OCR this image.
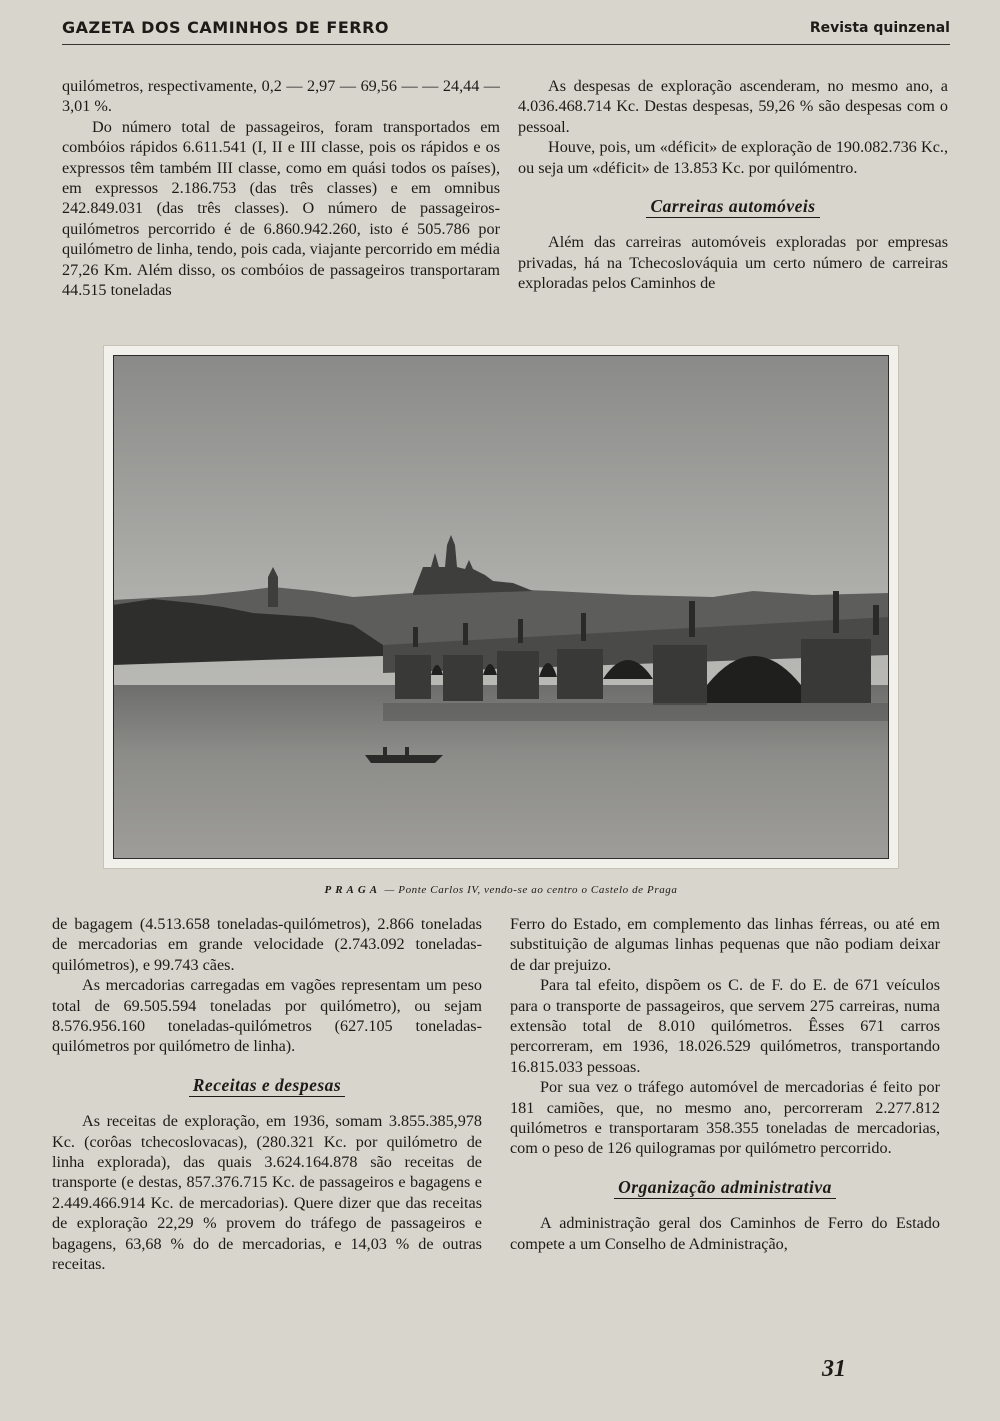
GAZETA DOS CAMINHOS DE FERRO	Revista quinzenal

quilómetros, respectivamente, 0,2 — 2,97 — 69,56 — — 24,44 — 3,01 %.

Do número total de passageiros, foram transportados em combóios rápidos 6.611.541 (I, II e III classe, pois os rápidos e os expressos têm também III classe, como em quási todos os países), em expressos 2.186.753 (das três classes) e em omnibus 242.849.031 (das três classes). O número de passageiros-quilómetros percorrido é de 6.860.942.260, isto é 505.786 por quilómetro de linha, tendo, pois cada, viajante percorrido em média 27,26 Km. Além disso, os combóios de passageiros transportaram 44.515 toneladas

As despesas de exploração ascenderam, no mesmo ano, a 4.036.468.714 Kc. Destas despesas, 59,26 % são despesas com o pessoal.

Houve, pois, um «déficit» de exploração de 190.082.736 Kc., ou seja um «déficit» de 13.853 Kc. por quilómentro.

Carreiras automóveis

Além das carreiras automóveis exploradas por empresas privadas, há na Tchecoslováquia um certo número de carreiras exploradas pelos Caminhos de

PRAGA — Ponte Carlos IV, vendo-se ao centro o Castelo de Praga

de bagagem (4.513.658 toneladas-quilómetros), 2.866 toneladas de mercadorias em grande velocidade (2.743.092 toneladas-quilómetros), e 99.743 cães.

As mercadorias carregadas em vagões representam um peso total de 69.505.594 toneladas por quilómetro), ou sejam 8.576.956.160 toneladas-quilómetros (627.105 toneladas-quilómetros por quilómetro de linha).

Receitas e despesas

As receitas de exploração, em 1936, somam 3.855.385,978 Kc. (corôas tchecoslovacas), (280.321 Kc. por quilómetro de linha explorada), das quais 3.624.164.878 são receitas de transporte (e destas, 857.376.715 Kc. de passageiros e bagagens e 2.449.466.914 Kc. de mercadorias). Quere dizer que das receitas de exploração 22,29 % provem do tráfego de passageiros e bagagens, 63,68 % do de mercadorias, e 14,03 % de outras receitas.

Ferro do Estado, em complemento das linhas férreas, ou até em substituição de algumas linhas pequenas que não podiam deixar de dar prejuizo.

Para tal efeito, dispõem os C. de F. do E. de 671 veículos para o transporte de passageiros, que servem 275 carreiras, numa extensão total de 8.010 quilómetros. Êsses 671 carros percorreram, em 1936, 18.026.529 quilómetros, transportando 16.815.033 pessoas.

Por sua vez o tráfego automóvel de mercadorias é feito por 181 camiões, que, no mesmo ano, percorreram 2.277.812 quilómetros e transportaram 358.355 toneladas de mercadorias, com o peso de 126 quilogramas por quilómetro percorrido.

Organização administrativa

A administração geral dos Caminhos de Ferro do Estado compete a um Conselho de Administração,

31
